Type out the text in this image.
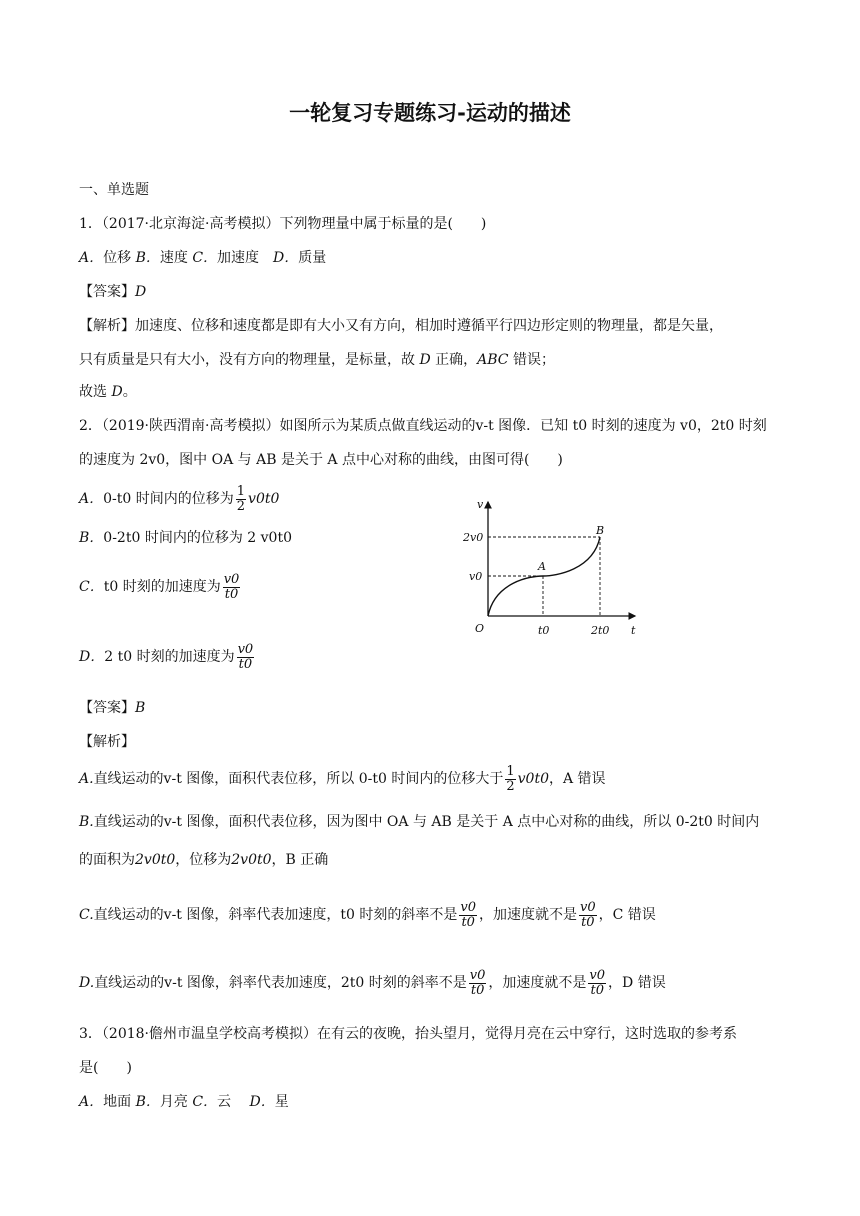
一轮复习专题练习-运动的描述
一、单选题
1．（2017·北京海淀·高考模拟）下列物理量中属于标量的是(　　)
A．位移 B．速度 C．加速度　D．质量
【答案】D
【解析】加速度、位移和速度都是即有大小又有方向，相加时遵循平行四边形定则的物理量，都是矢量，
只有质量是只有大小，没有方向的物理量，是标量，故 D 正确，ABC 错误；
故选 D。
2．（2019·陕西渭南·高考模拟）如图所示为某质点做直线运动的v-t 图像．已知 t0 时刻的速度为 v0，2t0 时刻
的速度为 2v0，图中 OA 与 AB 是关于 A 点中心对称的曲线，由图可得(　　)
A．0-t0 时间内的位移为 $\frac{1}{2} v0t0$
B．0-2t0 时间内的位移为 2 v0t0
C．t0 时刻的加速度为 $\frac{v0}{t0}$
D．2 t0 时刻的加速度为 $\frac{v0}{t0}$
v
t
O
2v0
v0
t0	2t0
A
B
【答案】B
【解析】
A.直线运动的v-t 图像，面积代表位移，所以 0-t0 时间内的位移大于 $\frac{1}{2} v0t0$，A 错误
B.直线运动的v-t 图像，面积代表位移，因为图中 OA 与 AB 是关于 A 点中心对称的曲线，所以 0-2t0 时间内
的面积为2v0t0，位移为2v0t0，B 正确
C.直线运动的v-t 图像，斜率代表加速度，t0 时刻的斜率不是 $\frac{v0}{t0}$ ，加速度就不是 $\frac{v0}{t0}$ ，C 错误
D.直线运动的v-t 图像，斜率代表加速度，2t0 时刻的斜率不是 $\frac{v0}{t0}$ ，加速度就不是 $\frac{v0}{t0}$ ，D 错误
3．（2018·儋州市温皇学校高考模拟）在有云的夜晚，抬头望月，觉得月亮在云中穿行，这时选取的参考系
是(　　)
A．地面 B．月亮 C．云　 D．星
